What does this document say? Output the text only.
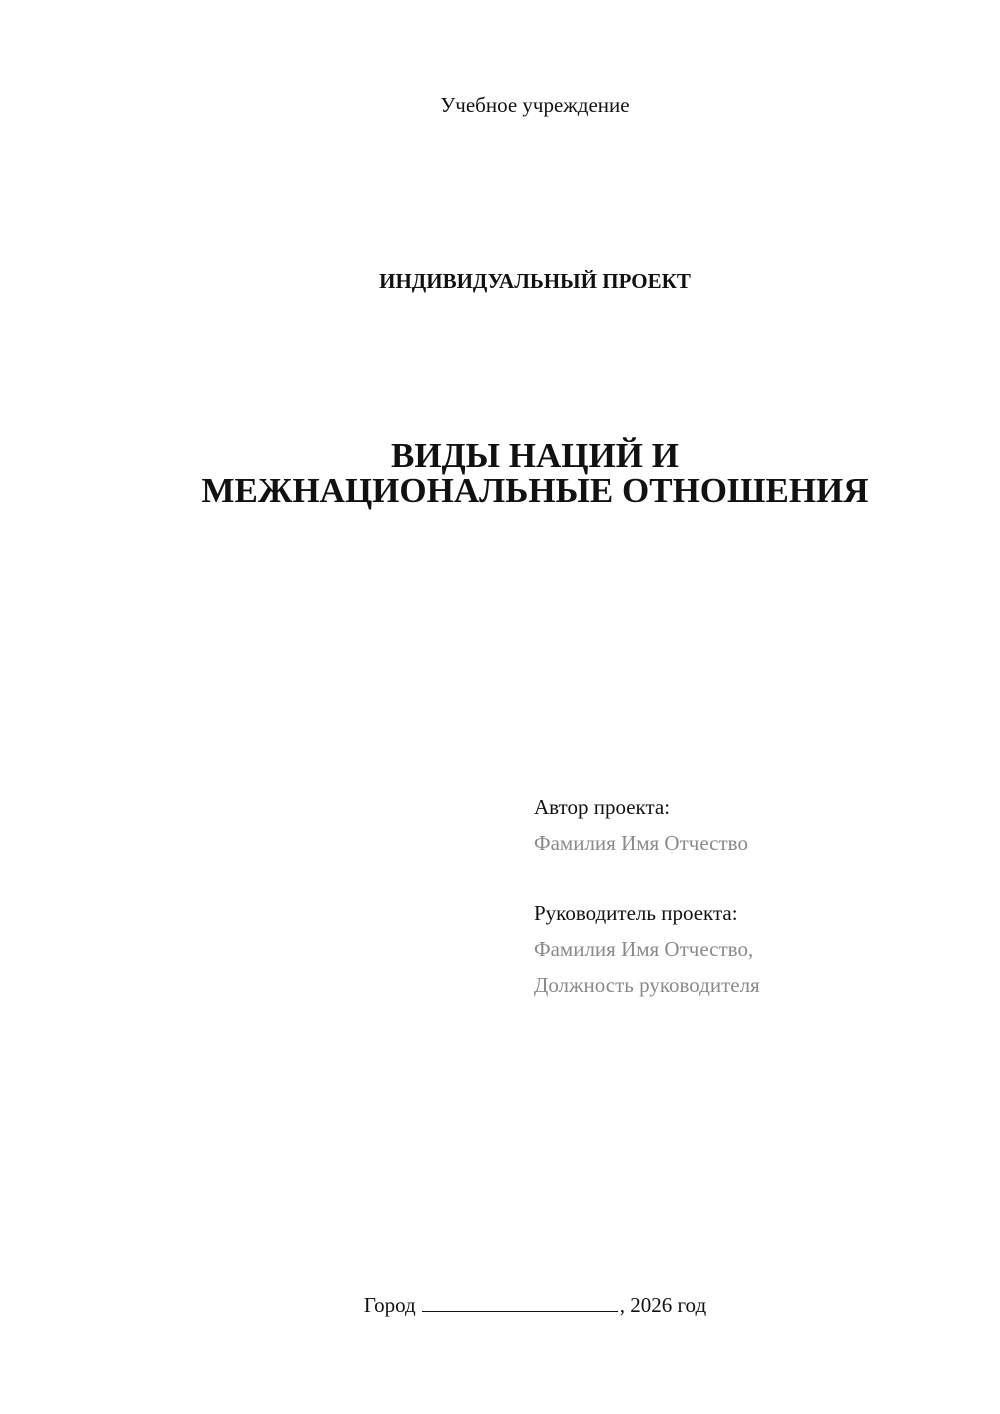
Учебное учреждение
ИНДИВИДУАЛЬНЫЙ ПРОЕКТ
ВИДЫ НАЦИЙ И
МЕЖНАЦИОНАЛЬНЫЕ ОТНОШЕНИЯ
Автор проекта:
Фамилия Имя Отчество
Руководитель проекта:
Фамилия Имя Отчество,
Должность руководителя
Город	, 2026 год
